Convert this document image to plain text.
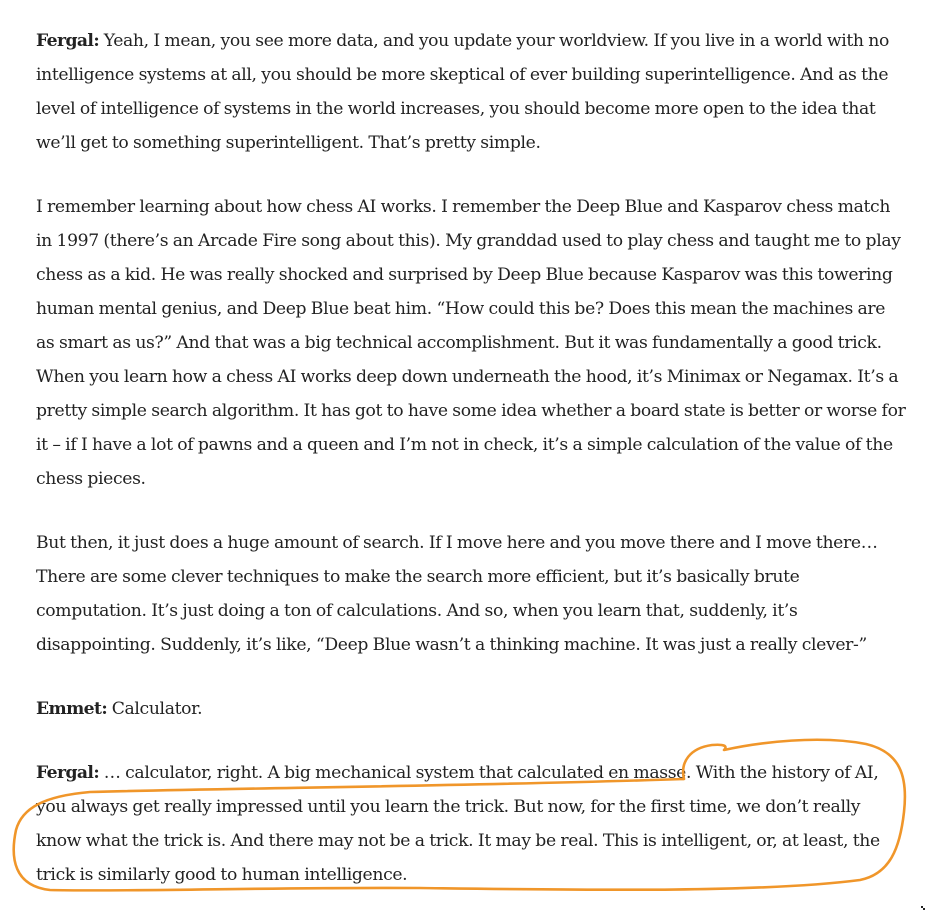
Fergal: Yeah, I mean, you see more data, and you update your worldview. If you live in a world with no intelligence systems at all, you should be more skeptical of ever building superintelligence. And as the level of intelligence of systems in the world increases, you should become more open to the idea that we’ll get to something superintelligent. That’s pretty simple.

I remember learning about how chess AI works. I remember the Deep Blue and Kasparov chess match in 1997 (there’s an Arcade Fire song about this). My granddad used to play chess and taught me to play chess as a kid. He was really shocked and surprised by Deep Blue because Kasparov was this towering human mental genius, and Deep Blue beat him. “How could this be? Does this mean the machines are as smart as us?” And that was a big technical accomplishment. But it was fundamentally a good trick. When you learn how a chess AI works deep down underneath the hood, it’s Minimax or Negamax. It’s a pretty simple search algorithm. It has got to have some idea whether a board state is better or worse for it – if I have a lot of pawns and a queen and I’m not in check, it’s a simple calculation of the value of the chess pieces.

But then, it just does a huge amount of search. If I move here and you move there and I move there… There are some clever techniques to make the search more efficient, but it’s basically brute computation. It’s just doing a ton of calculations. And so, when you learn that, suddenly, it’s disappointing. Suddenly, it’s like, “Deep Blue wasn’t a thinking machine. It was just a really clever-”

Emmet: Calculator.

Fergal: … calculator, right. A big mechanical system that calculated en masse. With the history of AI, you always get really impressed until you learn the trick. But now, for the first time, we don’t really know what the trick is. And there may not be a trick. It may be real. This is intelligent, or, at least, the trick is similarly good to human intelligence.
